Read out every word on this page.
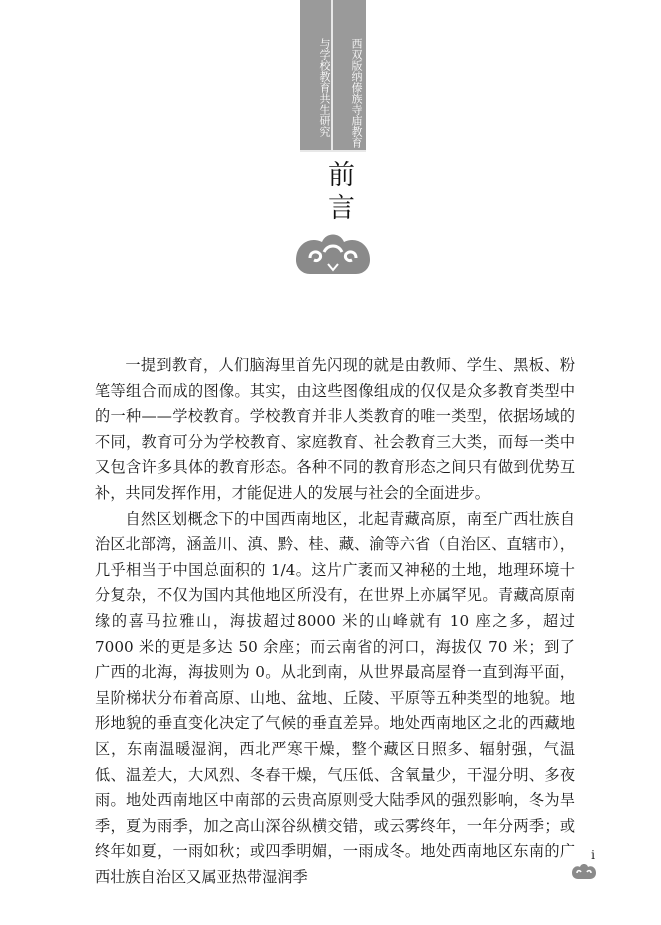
西双版纳傣族寺庙教育
与学校教育共生研究
前言

一提到教育，人们脑海里首先闪现的就是由教师、学生、黑板、粉笔等组合而成的图像。其实，由这些图像组成的仅仅是众多教育类型中的一种——学校教育。学校教育并非人类教育的唯一类型，依据场域的不同，教育可分为学校教育、家庭教育、社会教育三大类，而每一类中又包含许多具体的教育形态。各种不同的教育形态之间只有做到优势互补，共同发挥作用，才能促进人的发展与社会的全面进步。

自然区划概念下的中国西南地区，北起青藏高原，南至广西壮族自治区北部湾，涵盖川、滇、黔、桂、藏、渝等六省（自治区、直辖市），几乎相当于中国总面积的 1/4。这片广袤而又神秘的土地，地理环境十分复杂，不仅为国内其他地区所没有，在世界上亦属罕见。青藏高原南缘的喜马拉雅山，海拔超过8000 米的山峰就有 10 座之多，超过 7000 米的更是多达 50 余座；而云南省的河口，海拔仅 70 米；到了广西的北海，海拔则为 0。从北到南，从世界最高屋脊一直到海平面，呈阶梯状分布着高原、山地、盆地、丘陵、平原等五种类型的地貌。地形地貌的垂直变化决定了气候的垂直差异。地处西南地区之北的西藏地区，东南温暖湿润，西北严寒干燥，整个藏区日照多、辐射强，气温低、温差大，大风烈、冬春干燥，气压低、含氧量少，干湿分明、多夜雨。地处西南地区中南部的云贵高原则受大陆季风的强烈影响，冬为旱季，夏为雨季，加之高山深谷纵横交错，或云雾终年，一年分两季；或终年如夏，一雨如秋；或四季明媚，一雨成冬。地处西南地区东南的广西壮族自治区又属亚热带湿润季

i
